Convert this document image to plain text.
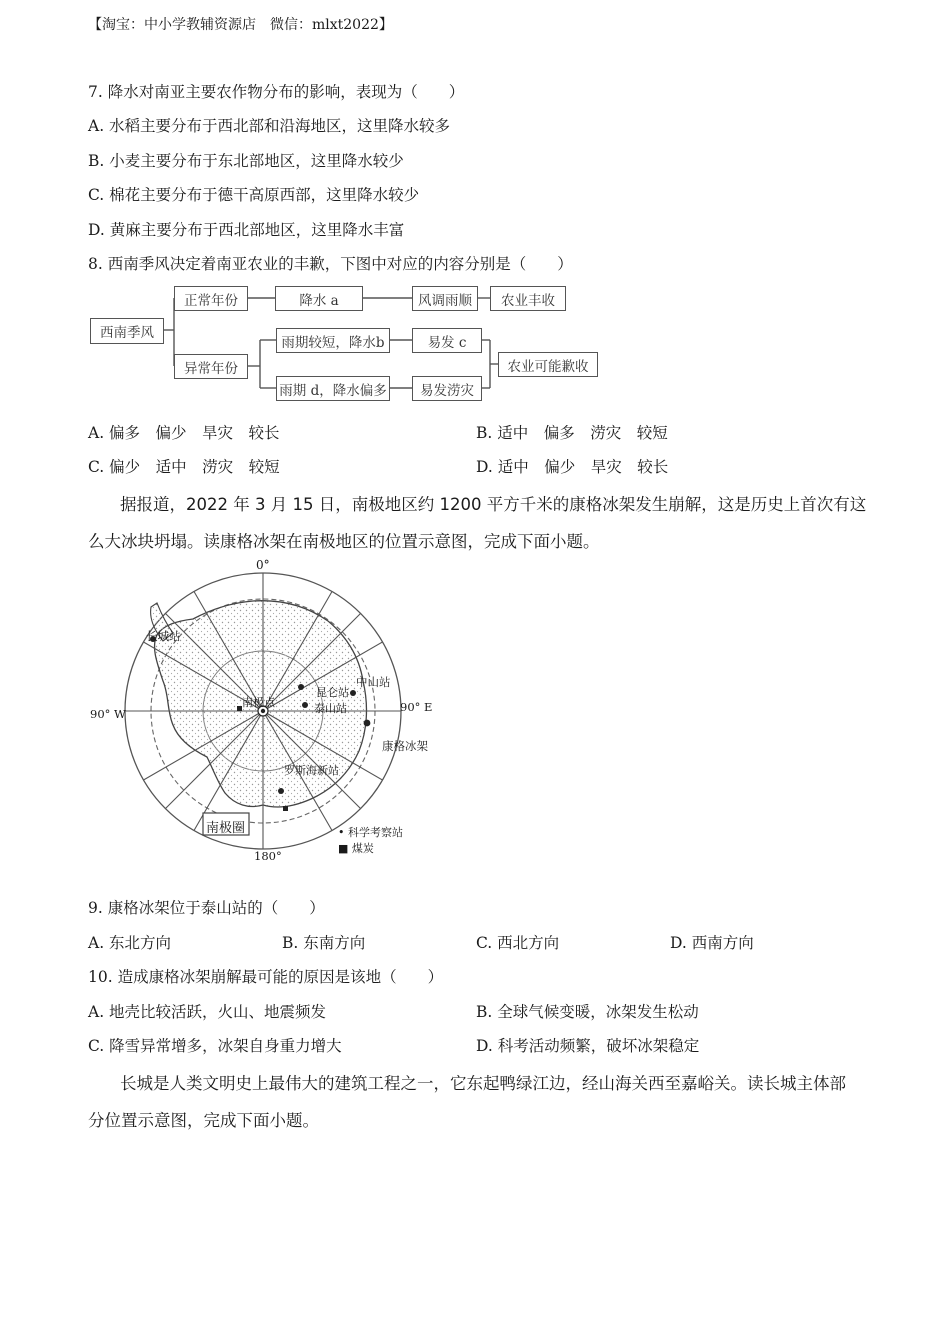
【淘宝：中小学教辅资源店　微信：mlxt2022】
7. 降水对南亚主要农作物分布的影响，表现为（　　）
A. 水稻主要分布于西北部和沿海地区，这里降水较多
B. 小麦主要分布于东北部地区，这里降水较少
C. 棉花主要分布于德干高原西部，这里降水较少
D. 黄麻主要分布于西北部地区，这里降水丰富
8. 西南季风决定着南亚农业的丰歉，下图中对应的内容分别是（　　）
西南季风
正常年份
异常年份
降水 a	风调雨顺	农业丰收
雨期较短，降水b	易发 c
雨期 d，降水偏多	易发涝灾
农业可能歉收
A. 偏多　偏少　旱灾　较长	B. 适中　偏多　涝灾　较短
C. 偏少　适中　涝灾　较短	D. 适中　偏少　旱灾　较长
据报道，2022 年 3 月 15 日，南极地区约 1200 平方千米的康格冰架发生崩解，这是历史上首次有这
么大冰块坍塌。读康格冰架在南极地区的位置示意图，完成下面小题。
0°
90° W	90° E
180°
长城站
中山站
昆仑站
泰山站
南极点
康格冰架
罗斯海新站
南极圈	• 科学考察站
■ 煤炭
9. 康格冰架位于泰山站的（　　）
A. 东北方向	B. 东南方向	C. 西北方向	D. 西南方向
10. 造成康格冰架崩解最可能的原因是该地（　　）
A. 地壳比较活跃，火山、地震频发	B. 全球气候变暖，冰架发生松动
C. 降雪异常增多，冰架自身重力增大	D. 科考活动频繁，破坏冰架稳定
长城是人类文明史上最伟大的建筑工程之一，它东起鸭绿江边，经山海关西至嘉峪关。读长城主体部
分位置示意图，完成下面小题。
